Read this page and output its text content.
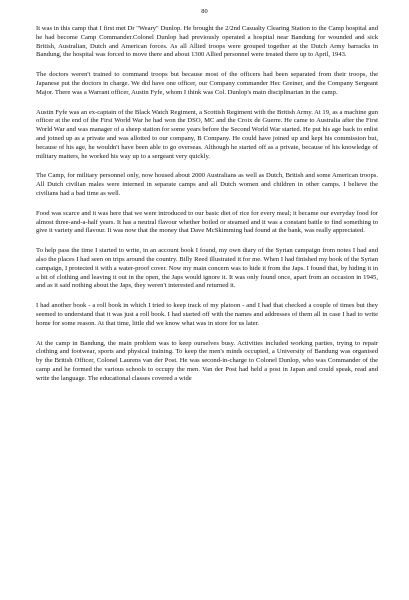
80

It was in this camp that I first met Dr "Weary" Dunlop. He brought the 2/2nd Casualty Clearing Station to the Camp hospital and he had become Camp Commander.Colonel Dunlop had previously operated a hospital near Bandung for wounded and sick British, Australian, Dutch and American forces. As all Allied troops were grouped together at the Dutch Army barracks in Bandung, the hospital was forced to move there and about 1300 Allied personnel were treated there up to April, 1943.

The doctors weren't trained to command troops but because most of the officers had been separated from their troops, the Japanese put the doctors in charge. We did have one officer, our Company commander Hec Greiner, and the Company Sergeant Major. There was a Warrant officer, Austin Fyfe, whom I think was Col. Dunlop's main disciplinarian in the camp.

Austin Fyfe was an ex-captain of the Black Watch Regiment, a Scottish Regiment with the British Army. At 19, as a machine gun officer at the end of the First World War he had won the DSO, MC and the Croix de Guerre. He came to Australia after the First World War and was manager of a sheep station for some years before the Second World War started. He put his age back to enlist and joined up as a private and was allotted to our company, B Company. He could have joined up and kept his commission but, because of his age, he wouldn't have been able to go overseas. Although he started off as a private, because of his knowledge of military matters, he worked his way up to a sergeant very quickly.

The Camp, for military personnel only, now housed about 2000 Australians as well as Dutch, British and some American troops. All Dutch civilian males were interned in separate camps and all Dutch women and children in other camps. I believe the civilians had a bad time as well.

Food was scarce and it was here that we were introduced to our basic diet of rice for every meal; it became our everyday food for almost three-and-a-half years. It has a neutral flavour whether boiled or steamed and it was a constant battle to find something to give it variety and flavour. It was now that the money that Dave McSkimming had found at the bank, was really appreciated.

To help pass the time I started to write, in an account book I found, my own diary of the Syrian campaign from notes I had and also the places I had seen on trips around the country. Billy Reed illustrated it for me. When I had finished my book of the Syrian campaign, I protected it with a water-proof cover. Now my main concern was to hide it from the Japs. I found that, by hiding it in a bit of clothing and leaving it out in the open, the Japs would ignore it. It was only found once, apart from an occasion in 1945, and as it said nothing about the Japs, they weren't interested and returned it.

I had another book - a roll book in which I tried to keep track of my platoon - and I had that checked a couple of times but they seemed to understand that it was just a roll book. I had started off with the names and addresses of them all in case I had to write home for some reason. At that time, little did we know what was in store for us later.

At the camp in Bandung, the main problem was to keep ourselves busy. Activities included working parties, trying to repair clothing and footwear, sports and physical training. To keep the men's minds occupied, a University of Bandung was organised by the British Officer, Colonel Laurens van der Post. He was second-in-charge to Colonel Dunlop, who was Commander of the camp and he formed the various schools to occupy the men. Van der Post had held a post in Japan and could speak, read and write the language. The educational classes covered a wide
